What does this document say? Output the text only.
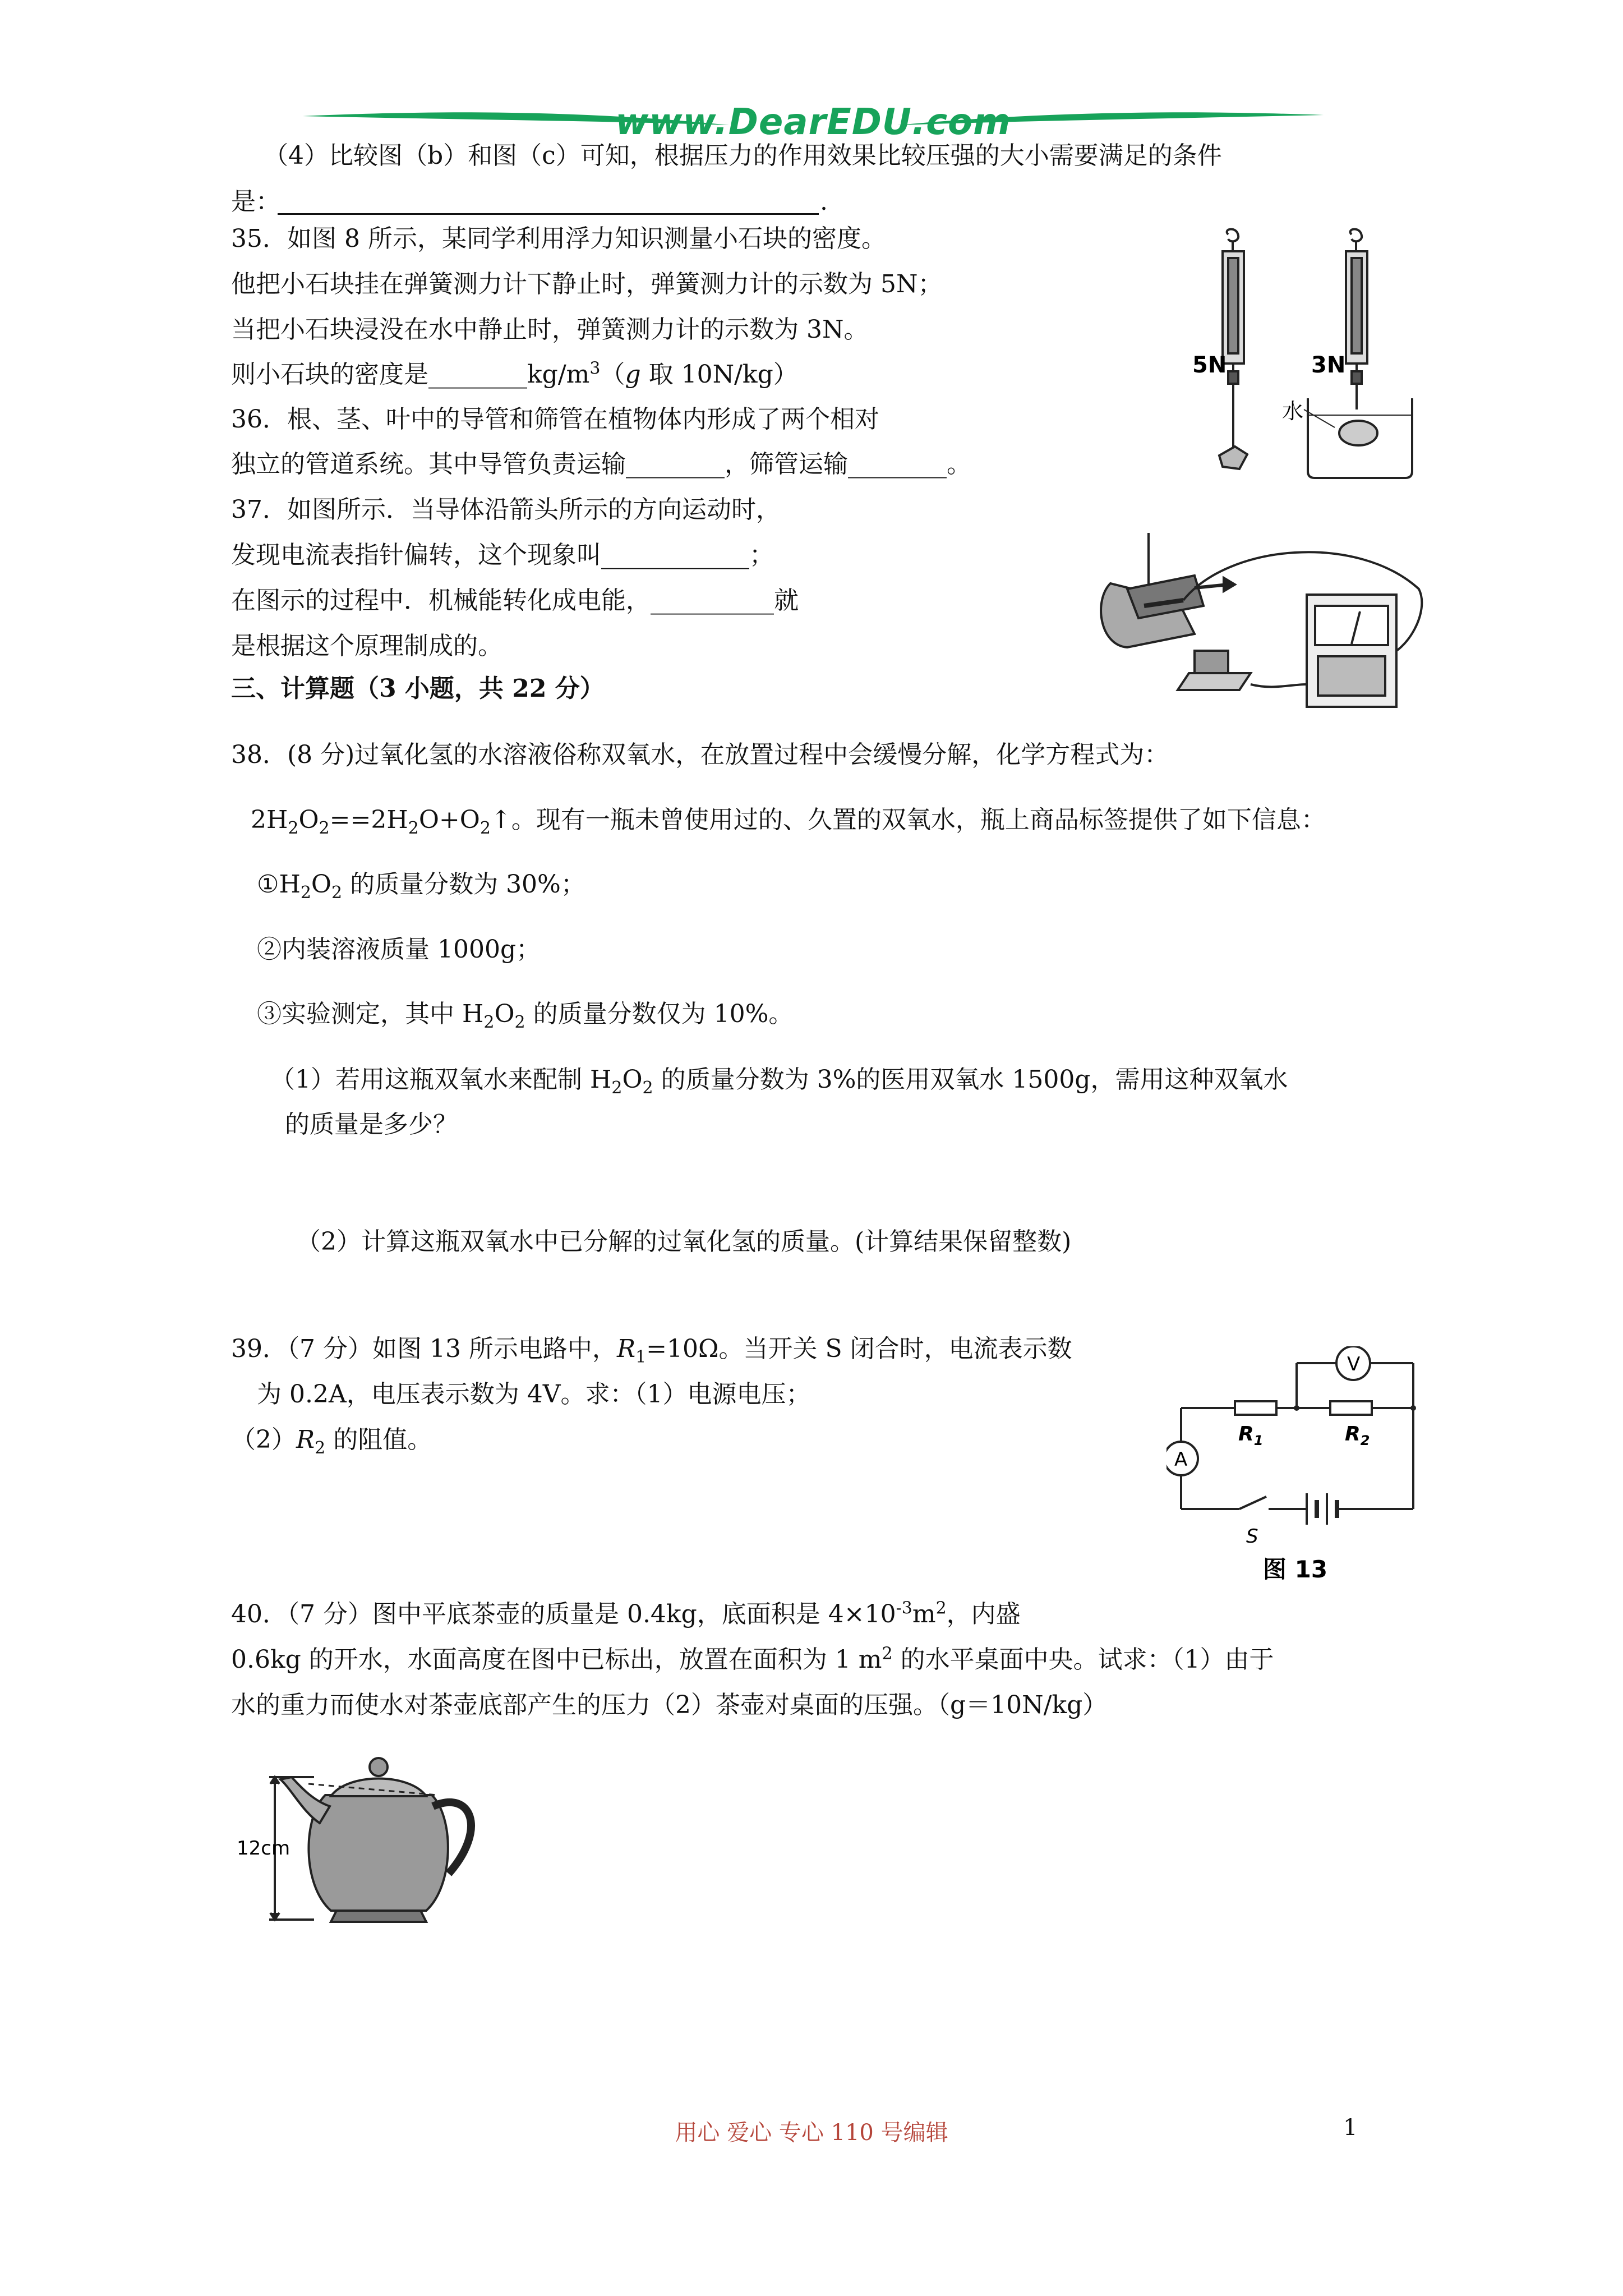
www.DearEDU.com
（4）比较图（b）和图（c）可知，根据压力的作用效果比较压强的大小需要满足的条件
是：	.
35．如图 8 所示，某同学利用浮力知识测量小石块的密度。
他把小石块挂在弹簧测力计下静止时，弹簧测力计的示数为 5N；
当把小石块浸没在水中静止时，弹簧测力计的示数为 3N。
则小石块的密度是$\_\_\_\_\_\_\_\_kg/m^3(g$ 取 10N/kg）	5N	3N
水
36．根、茎、叶中的导管和筛管在植物体内形成了两个相对
独立的管道系统。其中导管负责运输________，筛管运输________。
37．如图所示．当导体沿箭头所示的方向运动时，
发现电流表指针偏转，这个现象叫____________；
在图示的过程中．机械能转化成电能，__________就
是根据这个原理制成的。
三、计算题（3 小题，共 22 分）
38．(8 分)过氧化氢的水溶液俗称双氧水，在放置过程中会缓慢分解，化学方程式为：
$2H_2O_2==2H_2O+O_2↑$。现有一瓶未曾使用过的、久置的双氧水，瓶上商品标签提供了如下信息：
$①H_2O_2$ 的质量分数为 30%；
②内装溶液质量 1000g；
③实验测定，其中 $H_2O_2$ 的质量分数仅为 10%。
（1）若用这瓶双氧水来配制 $H_2O_2$ 的质量分数为 3%的医用双氧水 1500g，需用这种双氧水
的质量是多少？
（2）计算这瓶双氧水中已分解的过氧化氢的质量。(计算结果保留整数)
39．（7 分）如图 13 所示电路中，$R_1=10\Omega$。当开关 S 闭合时，电流表示数
为 0.2A，电压表示数为 4V。求：（1）电源电压；
$(2)R_2$ 的阻值。
V
A
$R_1$	$R_2$
S
图 13
40．（7 分）图中平底茶壶的质量是 0.4kg，底面积是 $4\times 10^{-3}m^2$，内盛
0.6kg 的开水，水面高度在图中已标出，放置在面积为 1 $m^2$ 的水平桌面中央。试求：（1）由于
水的重力而使水对茶壶底部产生的压力（2）茶壶对桌面的压强。（g＝10N/kg）
12cm
用心 爱心 专心 110 号编辑	1
